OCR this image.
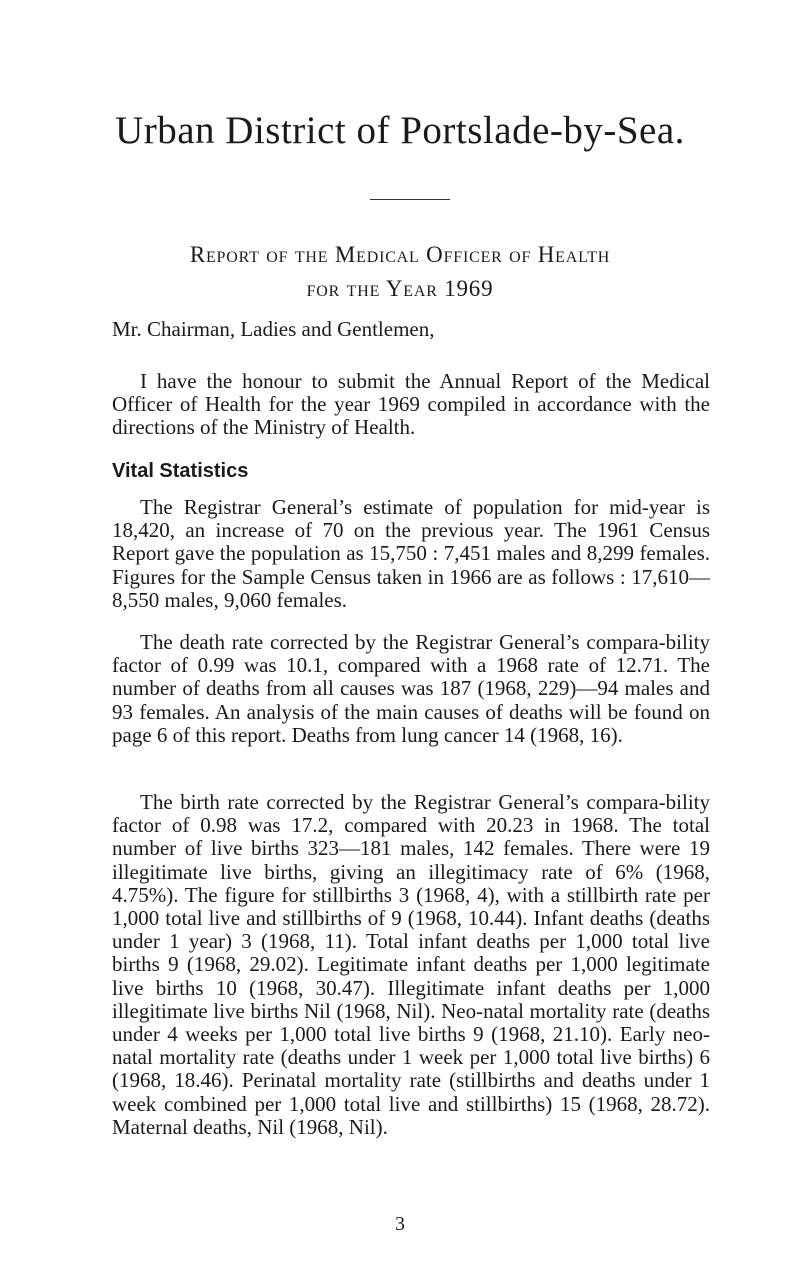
Urban District of Portslade-by-Sea.
Report of the Medical Officer of Health
for the Year 1969

Mr. Chairman, Ladies and Gentlemen,

I have the honour to submit the Annual Report of the Medical Officer of Health for the year 1969 compiled in accordance with the directions of the Ministry of Health.

Vital Statistics

The Registrar General’s estimate of population for mid-year is 18,420, an increase of 70 on the previous year. The 1961 Census Report gave the population as 15,750 : 7,451 males and 8,299 females. Figures for the Sample Census taken in 1966 are as follows : 17,610—8,550 males, 9,060 females.

The death rate corrected by the Registrar General’s compara-bility factor of 0.99 was 10.1, compared with a 1968 rate of 12.71. The number of deaths from all causes was 187 (1968, 229)—94 males and 93 females. An analysis of the main causes of deaths will be found on page 6 of this report. Deaths from lung cancer 14 (1968, 16).

The birth rate corrected by the Registrar General’s compara-bility factor of 0.98 was 17.2, compared with 20.23 in 1968. The total number of live births 323—181 males, 142 females. There were 19 illegitimate live births, giving an illegitimacy rate of 6% (1968, 4.75%). The figure for stillbirths 3 (1968, 4), with a stillbirth rate per 1,000 total live and stillbirths of 9 (1968, 10.44). Infant deaths (deaths under 1 year) 3 (1968, 11). Total infant deaths per 1,000 total live births 9 (1968, 29.02). Legitimate infant deaths per 1,000 legitimate live births 10 (1968, 30.47). Illegitimate infant deaths per 1,000 illegitimate live births Nil (1968, Nil). Neo-natal mortality rate (deaths under 4 weeks per 1,000 total live births 9 (1968, 21.10). Early neo-natal mortality rate (deaths under 1 week per 1,000 total live births) 6 (1968, 18.46). Perinatal mortality rate (stillbirths and deaths under 1 week combined per 1,000 total live and stillbirths) 15 (1968, 28.72). Maternal deaths, Nil (1968, Nil).

3
